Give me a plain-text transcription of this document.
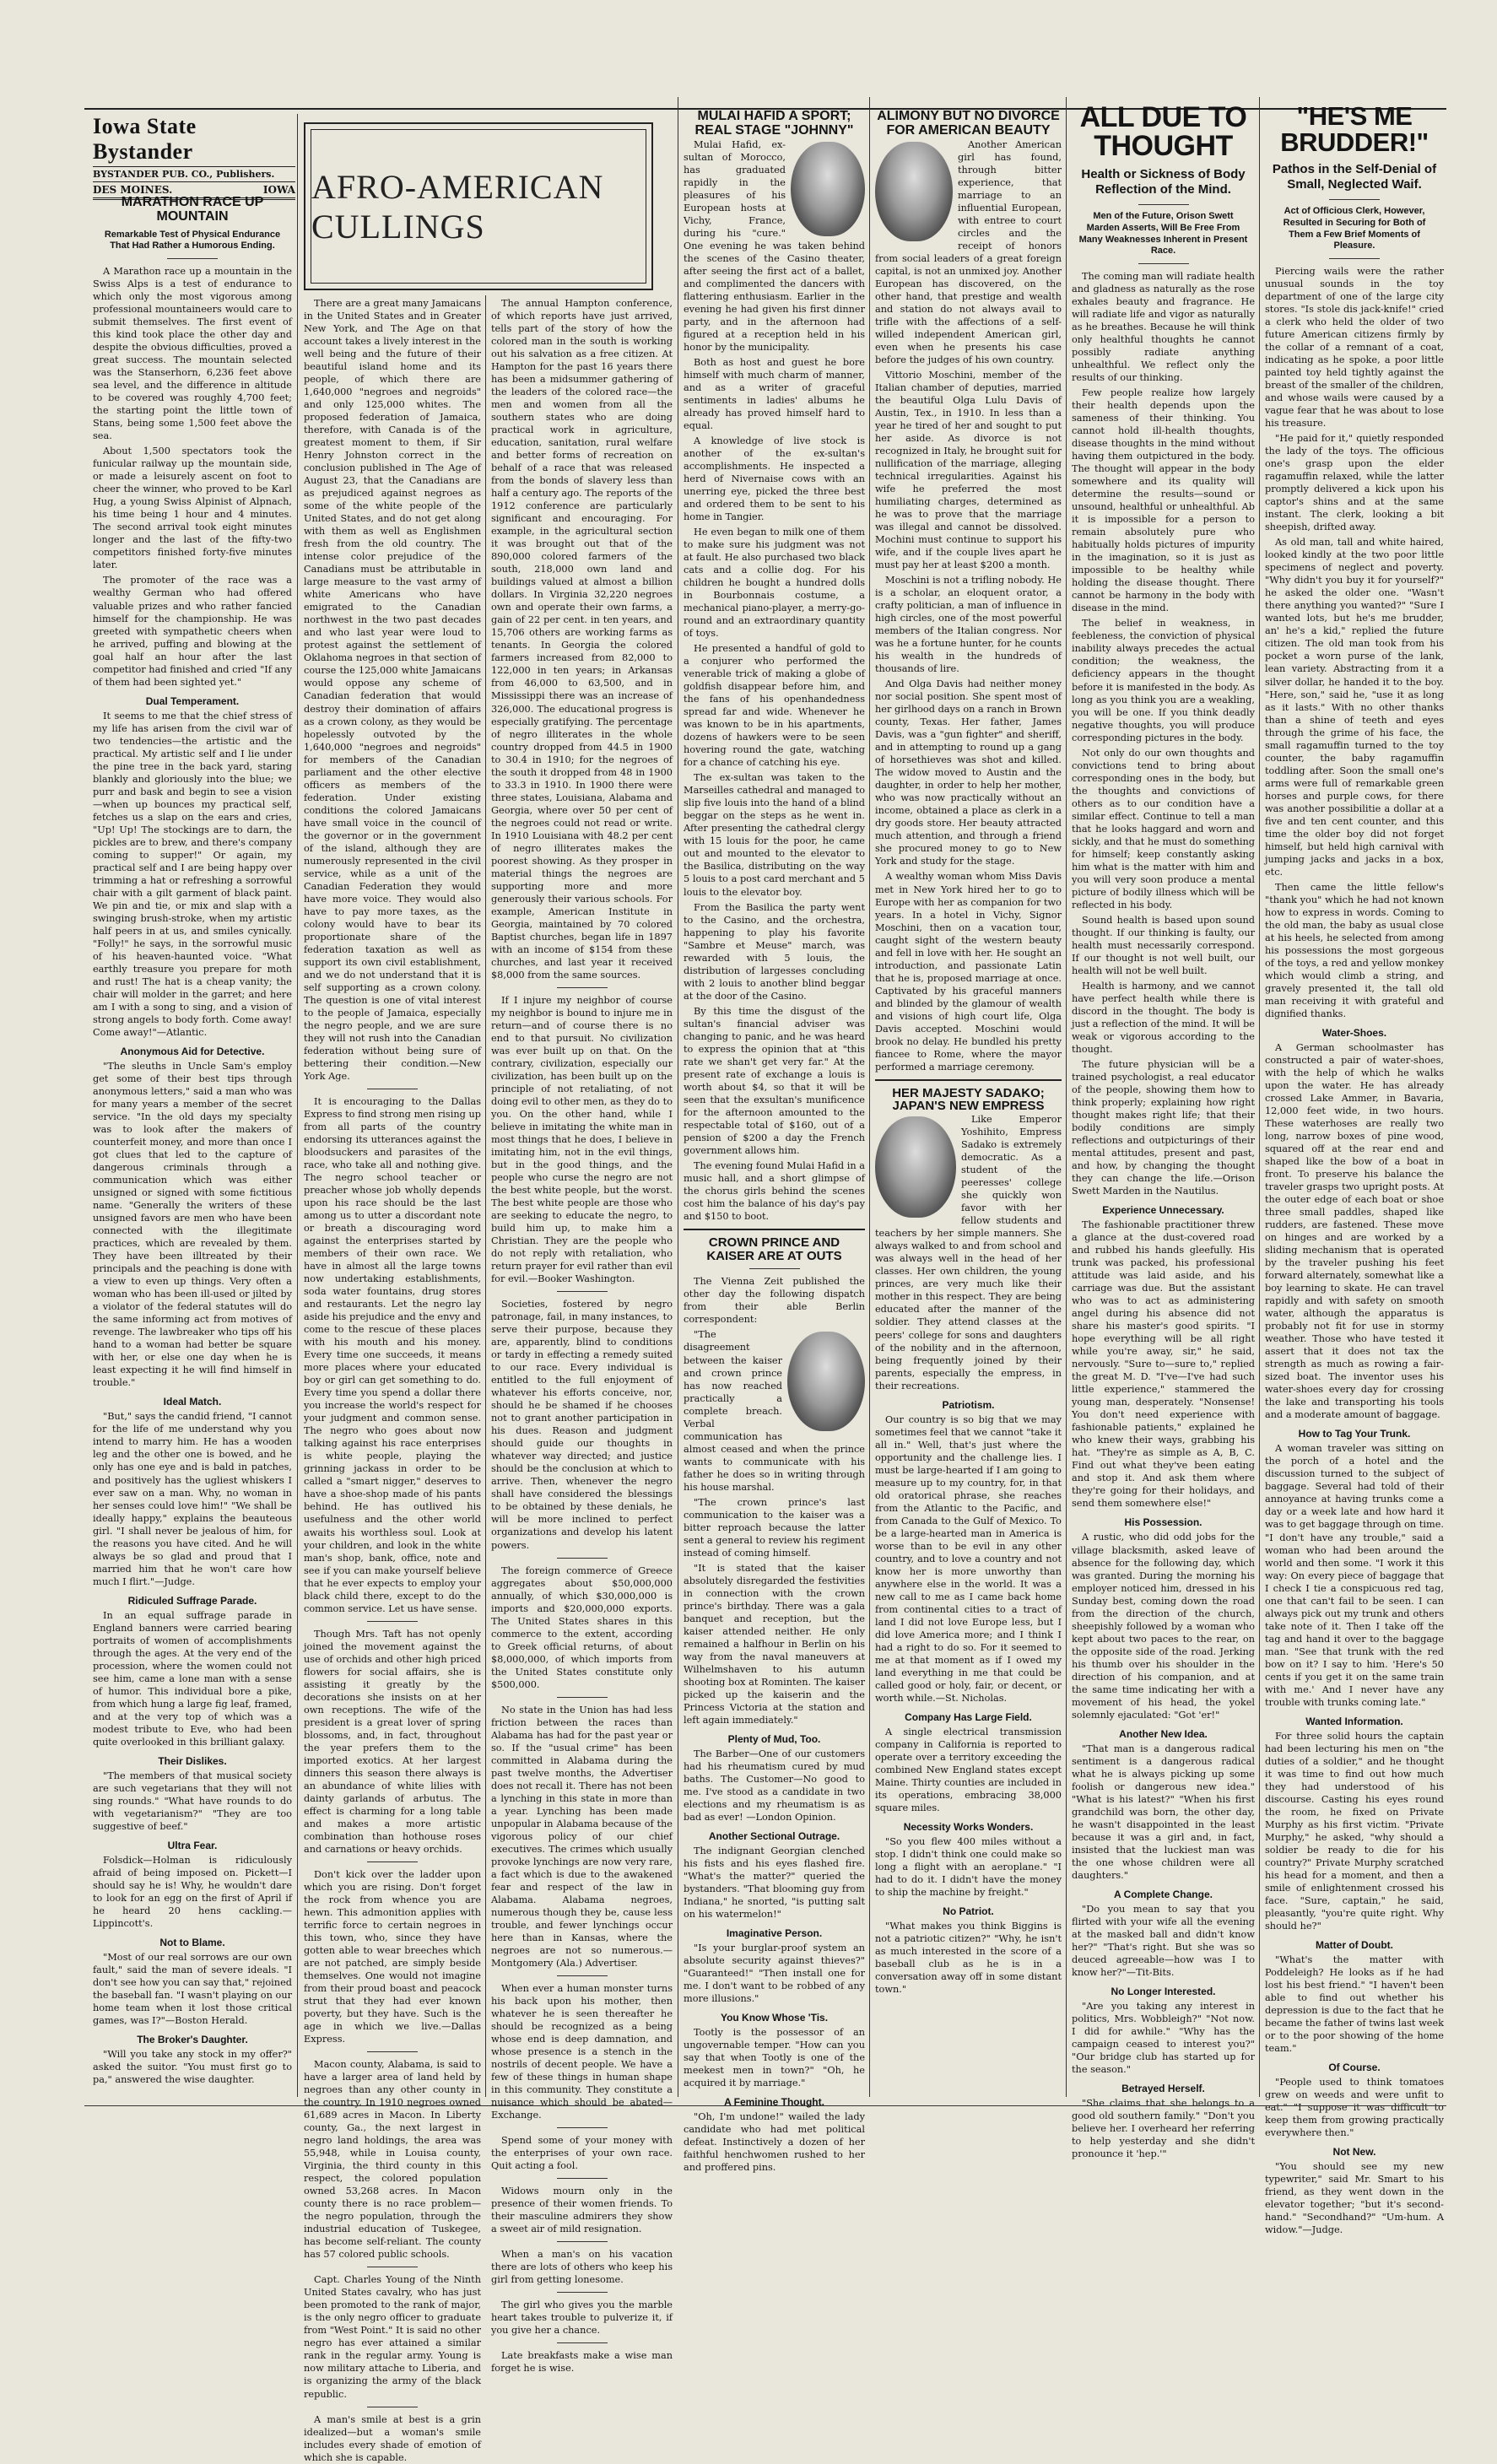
Iowa State Bystander
BYSTANDER PUB. CO., Publishers.
DES MOINES.	IOWA
MARATHON RACE UP MOUNTAIN
Remarkable Test of Physical Endurance That Had Rather a Humorous Ending.

A Marathon race up a mountain in the Swiss Alps is a test of endurance to which only the most vigorous among professional mountaineers would care to submit themselves. The first event of this kind took place the other day and despite the obvious difficulties, proved a great success. The mountain selected was the Stanserhorn, 6,236 feet above sea level, and the difference in altitude to be covered was roughly 4,700 feet; the starting point the little town of Stans, being some 1,500 feet above the sea.

About 1,500 spectators took the funicular railway up the mountain side, or made a leisurely ascent on foot to cheer the winner, who proved to be Karl Hug, a young Swiss Alpinist of Alpnach, his time being 1 hour and 4 minutes. The second arrival took eight minutes longer and the last of the fifty-two competitors finished forty-five minutes later.

The promoter of the race was a wealthy German who had offered valuable prizes and who rather fancied himself for the championship. He was greeted with sympathetic cheers when he arrived, puffing and blowing at the goal half an hour after the last competitor had finished and cried "If any of them had been sighted yet."

Dual Temperament.

It seems to me that the chief stress of my life has arisen from the civil war of two tendencies—the artistic and the practical. My artistic self and I lie under the pine tree in the back yard, staring blankly and gloriously into the blue; we purr and bask and begin to see a vision—when up bounces my practical self, fetches us a slap on the ears and cries, "Up! Up! The stockings are to darn, the pickles are to brew, and there's company coming to supper!" Or again, my practical self and I are being happy over trimming a hat or refreshing a sorrowful chair with a gilt garment of black paint. We pin and tie, or mix and slap with a swinging brush-stroke, when my artistic half peers in at us, and smiles cynically. "Folly!" he says, in the sorrowful music of his heaven-haunted voice. "What earthly treasure you prepare for moth and rust! The hat is a cheap vanity; the chair will molder in the garret; and here am I with a song to sing, and a vision of strong angels to body forth. Come away! Come away!"—Atlantic.

Anonymous Aid for Detective.

"The sleuths in Uncle Sam's employ get some of their best tips through anonymous letters," said a man who was for many years a member of the secret service. "In the old days my specialty was to look after the makers of counterfeit money, and more than once I got clues that led to the capture of dangerous criminals through a communication which was either unsigned or signed with some fictitious name. "Generally the writers of these unsigned favors are men who have been connected with the illegitimate practices, which are revealed by them. They have been illtreated by their principals and the peaching is done with a view to even up things. Very often a woman who has been ill-used or jilted by a violator of the federal statutes will do the same informing act from motives of revenge. The lawbreaker who tips off his hand to a woman had better be square with her, or else one day when he is least expecting it he will find himself in trouble."

Ideal Match.

"But," says the candid friend, "I cannot for the life of me understand why you intend to marry him. He has a wooden leg and the other one is bowed, and he only has one eye and is bald in patches, and positively has the ugliest whiskers I ever saw on a man. Why, no woman in her senses could love him!" "We shall be ideally happy," explains the beauteous girl. "I shall never be jealous of him, for the reasons you have cited. And he will always be so glad and proud that I married him that he won't care how much I flirt."—Judge.

Ridiculed Suffrage Parade.

In an equal suffrage parade in England banners were carried bearing portraits of women of accomplishments through the ages. At the very end of the procession, where the women could not see him, came a lone man with a sense of humor. This individual bore a pike, from which hung a large fig leaf, framed, and at the very top of which was a modest tribute to Eve, who had been quite overlooked in this brilliant galaxy.

Their Dislikes.

"The members of that musical society are such vegetarians that they will not sing rounds." "What have rounds to do with vegetarianism?" "They are too suggestive of beef."

Ultra Fear.

Folsdick—Holman is ridiculously afraid of being imposed on. Pickett—I should say he is! Why, he wouldn't dare to look for an egg on the first of April if he heard 20 hens cackling.—Lippincott's.

Not to Blame.

"Most of our real sorrows are our own fault," said the man of severe ideals. "I don't see how you can say that," rejoined the baseball fan. "I wasn't playing on our home team when it lost those critical games, was I?"—Boston Herald.

The Broker's Daughter.

"Will you take any stock in my offer?" asked the suitor. "You must first go to pa," answered the wise daughter.

AFRO-AMERICAN CULLINGS

There are a great many Jamaicans in the United States and in Greater New York, and The Age on that account takes a lively interest in the well being and the future of their beautiful island home and its people, of which there are 1,640,000 "negroes and negroids" and only 125,000 whites. The proposed federation of Jamaica, therefore, with Canada is of the greatest moment to them, if Sir Henry Johnston correct in the conclusion published in The Age of August 23, that the Canadians are as prejudiced against negroes as some of the white people of the United States, and do not get along with them as well as Englishmen fresh from the old country. The intense color prejudice of the Canadians must be attributable in large measure to the vast army of white Americans who have emigrated to the Canadian northwest in the two past decades and who last year were loud to protest against the settlement of Oklahoma negroes in that section of course the 125,000 white Jamaicans would oppose any scheme of Canadian federation that would destroy their domination of affairs as a crown colony, as they would be hopelessly outvoted by the 1,640,000 "negroes and negroids" for members of the Canadian parliament and the other elective officers as members of the federation. Under existing conditions the colored Jamaicans have small voice in the council of the governor or in the government of the island, although they are numerously represented in the civil service, while as a unit of the Canadian Federation they would have more voice. They would also have to pay more taxes, as the colony would have to bear its proportionate share of the federation taxation as well as support its own civil establishment, and we do not understand that it is self supporting as a crown colony. The question is one of vital interest to the people of Jamaica, especially the negro people, and we are sure they will not rush into the Canadian federation without being sure of bettering their condition.—New York Age.

It is encouraging to the Dallas Express to find strong men rising up from all parts of the country endorsing its utterances against the bloodsuckers and parasites of the race, who take all and nothing give. The negro school teacher or preacher whose job wholly depends upon his race should be the last among us to utter a discordant note or breath a discouraging word against the enterprises started by members of their own race. We have in almost all the large towns now undertaking establishments, soda water fountains, drug stores and restaurants. Let the negro lay aside his prejudice and the envy and come to the rescue of these places with his mouth and his money. Every time one succeeds, it means more places where your educated boy or girl can get something to do. Every time you spend a dollar there you increase the world's respect for your judgment and common sense. The negro who goes about now talking against his race enterprises is white people, playing the grinning jackass in order to be called a "smart nigger," deserves to have a shoe-shop made of his pants behind. He has outlived his usefulness and the other world awaits his worthless soul. Look at your children, and look in the white man's shop, bank, office, note and see if you can make yourself believe that he ever expects to employ your black child there, except to do the common service. Let us have sense.

Though Mrs. Taft has not openly joined the movement against the use of orchids and other high priced flowers for social affairs, she is assisting it greatly by the decorations she insists on at her own receptions. The wife of the president is a great lover of spring blossoms, and, in fact, throughout the year prefers them to the imported exotics. At her largest dinners this season there always is an abundance of white lilies with dainty garlands of arbutus. The effect is charming for a long table and makes a more artistic combination than hothouse roses and carnations or heavy orchids.

Don't kick over the ladder upon which you are rising. Don't forget the rock from whence you are hewn. This admonition applies with terrific force to certain negroes in this town, who, since they have gotten able to wear breeches which are not patched, are simply beside themselves. One would not imagine from their proud boast and peacock strut that they had ever known poverty, but they have. Such is the age in which we live.—Dallas Express.

Macon county, Alabama, is said to have a larger area of land held by negroes than any other county in the country. In 1910 negroes owned 61,689 acres in Macon. In Liberty county, Ga., the next largest in negro land holdings, the area was 55,948, while in Louisa county, Virginia, the third county in this respect, the colored population owned 53,268 acres. In Macon county there is no race problem—the negro population, through the industrial education of Tuskegee, has become self-reliant. The county has 57 colored public schools.

Capt. Charles Young of the Ninth United States cavalry, who has just been promoted to the rank of major, is the only negro officer to graduate from "West Point." It is said no other negro has ever attained a similar rank in the regular army. Young is now military attache to Liberia, and is organizing the army of the black republic.

A man's smile at best is a grin idealized—but a woman's smile includes every shade of emotion of which she is capable.

The annual Hampton conference, of which reports have just arrived, tells part of the story of how the colored man in the south is working out his salvation as a free citizen. At Hampton for the past 16 years there has been a midsummer gathering of the leaders of the colored race—the men and women from all the southern states who are doing practical work in agriculture, education, sanitation, rural welfare and better forms of recreation on behalf of a race that was released from the bonds of slavery less than half a century ago. The reports of the 1912 conference are particularly significant and encouraging. For example, in the agricultural section it was brought out that of the 890,000 colored farmers of the south, 218,000 own land and buildings valued at almost a billion dollars. In Virginia 32,220 negroes own and operate their own farms, a gain of 22 per cent. in ten years, and 15,706 others are working farms as tenants. In Georgia the colored farmers increased from 82,000 to 122,000 in ten years; in Arkansas from 46,000 to 63,500, and in Mississippi there was an increase of 326,000. The educational progress is especially gratifying. The percentage of negro illiterates in the whole country dropped from 44.5 in 1900 to 30.4 in 1910; for the negroes of the south it dropped from 48 in 1900 to 33.3 in 1910. In 1900 there were three states, Louisiana, Alabama and Georgia, where over 50 per cent of the negroes could not read or write. In 1910 Louisiana with 48.2 per cent of negro illiterates makes the poorest showing. As they prosper in material things the negroes are supporting more and more generously their various schools. For example, American Institute in Georgia, maintained by 70 colored Baptist churches, began life in 1897 with an income of $154 from these churches, and last year it received $8,000 from the same sources.

If I injure my neighbor of course my neighbor is bound to injure me in return—and of course there is no end to that pursuit. No civilization was ever built up on that. On the contrary, civilization, especially our civilization, has been built up on the principle of not retaliating, of not doing evil to other men, as they do to you. On the other hand, while I believe in imitating the white man in most things that he does, I believe in imitating him, not in the evil things, but in the good things, and the people who curse the negro are not the best white people, but the worst. The best white people are those who are seeking to educate the negro, to build him up, to make him a Christian. They are the people who do not reply with retaliation, who return prayer for evil rather than evil for evil.—Booker Washington.

Societies, fostered by negro patronage, fail, in many instances, to serve their purpose, because they are, apparently, blind to conditions or tardy in effecting a remedy suited to our race. Every individual is entitled to the full enjoyment of whatever his efforts conceive, nor, should he be shamed if he chooses not to grant another participation in his dues. Reason and judgment should guide our thoughts in whatever way directed; and justice should be the conclusion at which to arrive. Then, whenever the negro shall have considered the blessings to be obtained by these denials, he will be more inclined to perfect organizations and develop his latent powers.

The foreign commerce of Greece aggregates about $50,000,000 annually, of which $30,000,000 is imports and $20,000,000 exports. The United States shares in this commerce to the extent, according to Greek official returns, of about $8,000,000, of which imports from the United States constitute only $500,000.

No state in the Union has had less friction between the races than Alabama has had for the past year or so. If the "usual crime" has been committed in Alabama during the past twelve months, the Advertiser does not recall it. There has not been a lynching in this state in more than a year. Lynching has been made unpopular in Alabama because of the vigorous policy of our chief executives. The crimes which usually provoke lynchings are now very rare, a fact which is due to the awakened fear and respect of the law in Alabama. Alabama negroes, numerous though they be, cause less trouble, and fewer lynchings occur here than in Kansas, where the negroes are not so numerous.—Montgomery (Ala.) Advertiser.

When ever a human monster turns his back upon his mother, then whatever he is seen thereafter he should be recognized as a being whose end is deep damnation, and whose presence is a stench in the nostrils of decent people. We have a few of these things in human shape in this community. They constitute a nuisance which should be abated—Exchange.

Spend some of your money with the enterprises of your own race. Quit acting a fool.

Widows mourn only in the presence of their women friends. To their masculine admirers they show a sweet air of mild resignation.

When a man's on his vacation there are lots of others who keep his girl from getting lonesome.

The girl who gives you the marble heart takes trouble to pulverize it, if you give her a chance.

Late breakfasts make a wise man forget he is wise.

MULAI HAFID A SPORT;
REAL STAGE "JOHNNY"

Mulai Hafid, ex-sultan of Morocco, has graduated rapidly in the pleasures of his European hosts at Vichy, France, during his "cure." One evening he was taken behind the scenes of the Casino theater, after seeing the first act of a ballet, and complimented the dancers with flattering enthusiasm. Earlier in the evening he had given his first dinner party, and in the afternoon had figured at a reception held in his honor by the municipality.

Both as host and guest he bore himself with much charm of manner, and as a writer of graceful sentiments in ladies' albums he already has proved himself hard to equal.

A knowledge of live stock is another of the ex-sultan's accomplishments. He inspected a herd of Nivernaise cows with an unerring eye, picked the three best and ordered them to be sent to his home in Tangier.

He even began to milk one of them to make sure his judgment was not at fault. He also purchased two black cats and a collie dog. For his children he bought a hundred dolls in Bourbonnais costume, a mechanical piano-player, a merry-go-round and an extraordinary quantity of toys.

He presented a handful of gold to a conjurer who performed the venerable trick of making a globe of goldfish disappear before him, and the fans of his openhandedness spread far and wide. Whenever he was known to be in his apartments, dozens of hawkers were to be seen hovering round the gate, watching for a chance of catching his eye.

The ex-sultan was taken to the Marseilles cathedral and managed to slip five louis into the hand of a blind beggar on the steps as he went in. After presenting the cathedral clergy with 15 louis for the poor, he came out and mounted to the elevator to the Basilica, distributing on the way 5 louis to a post card merchant and 5 louis to the elevator boy.

From the Basilica the party went to the Casino, and the orchestra, happening to play his favorite "Sambre et Meuse" march, was rewarded with 5 louis, the distribution of largesses concluding with 2 louis to another blind beggar at the door of the Casino.

By this time the disgust of the sultan's financial adviser was changing to panic, and he was heard to express the opinion that at "this rate we shan't get very far." At the present rate of exchange a louis is worth about $4, so that it will be seen that the exsultan's munificence for the afternoon amounted to the respectable total of $160, out of a pension of $200 a day the French government allows him.

The evening found Mulai Hafid in a music hall, and a short glimpse of the chorus girls behind the scenes cost him the balance of his day's pay and $150 to boot.

CROWN PRINCE AND KAISER ARE AT OUTS

The Vienna Zeit published the other day the following dispatch from their able Berlin correspondent:

"The disagreement between the kaiser and crown prince has now reached practically a complete breach. Verbal communication has almost ceased and when the prince wants to communicate with his father he does so in writing through his house marshal.

"The crown prince's last communication to the kaiser was a bitter reproach because the latter sent a general to review his regiment instead of coming himself.

"It is stated that the kaiser absolutely disregarded the festivities in connection with the crown prince's birthday. There was a gala banquet and reception, but the kaiser attended neither. He only remained a halfhour in Berlin on his way from the naval maneuvers at Wilhelmshaven to his autumn shooting box at Rominten. The kaiser picked up the kaiserin and the Princess Victoria at the station and left again immediately."

Plenty of Mud, Too.

The Barber—One of our customers had his rheumatism cured by mud baths. The Customer—No good to me. I've stood as a candidate in two elections and my rheumatism is as bad as ever! —London Opinion.

Another Sectional Outrage.

The indignant Georgian clenched his fists and his eyes flashed fire. "What's the matter?" queried the bystanders. "That blooming guy from Indiana," he snorted, "is putting salt on his watermelon!"

Imaginative Person.

"Is your burglar-proof system an absolute security against thieves?" "Guaranteed!" "Then install one for me. I don't want to be robbed of any more illusions."

You Know Whose 'Tis.

Tootly is the possessor of an ungovernable temper. "How can you say that when Tootly is one of the meekest men in town?" "Oh, he acquired it by marriage."

A Feminine Thought.

"Oh, I'm undone!" wailed the lady candidate who had met political defeat. Instinctively a dozen of her faithful henchwomen rushed to her and proffered pins.

ALIMONY BUT NO DIVORCE
FOR AMERICAN BEAUTY

Another American girl has found, through bitter experience, that marriage to an influential European, with entree to court circles and the receipt of honors from social leaders of a great foreign capital, is not an unmixed joy. Another European has discovered, on the other hand, that prestige and wealth and station do not always avail to trifle with the affections of a self-willed independent American girl, even when he presents his case before the judges of his own country.

Vittorio Moschini, member of the Italian chamber of deputies, married the beautiful Olga Lulu Davis of Austin, Tex., in 1910. In less than a year he tired of her and sought to put her aside. As divorce is not recognized in Italy, he brought suit for nullification of the marriage, alleging technical irregularities. Against his wife he preferred the most humiliating charges, determined as he was to prove that the marriage was illegal and cannot be dissolved. Mochini must continue to support his wife, and if the couple lives apart he must pay her at least $200 a month.

Moschini is not a trifling nobody. He is a scholar, an eloquent orator, a crafty politician, a man of influence in high circles, one of the most powerful members of the Italian congress. Nor was he a fortune hunter, for he counts his wealth in the hundreds of thousands of lire.

And Olga Davis had neither money nor social position. She spent most of her girlhood days on a ranch in Brown county, Texas. Her father, James Davis, was a "gun fighter" and sheriff, and in attempting to round up a gang of horsethieves was shot and killed. The widow moved to Austin and the daughter, in order to help her mother, who was now practically without an income, obtained a place as clerk in a dry goods store. Her beauty attracted much attention, and through a friend she procured money to go to New York and study for the stage.

A wealthy woman whom Miss Davis met in New York hired her to go to Europe with her as companion for two years. In a hotel in Vichy, Signor Moschini, then on a vacation tour, caught sight of the western beauty and fell in love with her. He sought an introduction, and passionate Latin that he is, proposed marriage at once. Captivated by his graceful manners and blinded by the glamour of wealth and visions of high court life, Olga Davis accepted. Moschini would brook no delay. He bundled his pretty fiancee to Rome, where the mayor performed a marriage ceremony.

HER MAJESTY SADAKO;
JAPAN'S NEW EMPRESS

Like Emperor Yoshihito, Empress Sadako is extremely democratic. As a student of the peeresses' college she quickly won favor with her fellow students and teachers by her simple manners. She always walked to and from school and was always well in the head of her classes. Her own children, the young princes, are very much like their mother in this respect. They are being educated after the manner of the soldier. They attend classes at the peers' college for sons and daughters of the nobility and in the afternoon, being frequently joined by their parents, especially the empress, in their recreations.

Patriotism.

Our country is so big that we may sometimes feel that we cannot "take it all in." Well, that's just where the opportunity and the challenge lies. I must be large-hearted if I am going to measure up to my country, for, in that old oratorical phrase, she reaches from the Atlantic to the Pacific, and from Canada to the Gulf of Mexico. To be a large-hearted man in America is worse than to be evil in any other country, and to love a country and not know her is more unworthy than anywhere else in the world. It was a new call to me as I came back home from continental cities to a tract of land I did not love Europe less, but I did love America more; and I think I had a right to do so. For it seemed to me at that moment as if I owed my land everything in me that could be called good or holy, fair, or decent, or worth while.—St. Nicholas.

Company Has Large Field.

A single electrical transmission company in California is reported to operate over a territory exceeding the combined New England states except Maine. Thirty counties are included in its operations, embracing 38,000 square miles.

Necessity Works Wonders.

"So you flew 400 miles without a stop. I didn't think one could make so long a flight with an aeroplane." "I had to do it. I didn't have the money to ship the machine by freight."

No Patriot.

"What makes you think Biggins is not a patriotic citizen?" "Why, he isn't as much interested in the score of a baseball club as he is in a conversation away off in some distant town."

ALL DUE TO THOUGHT
Health or Sickness of Body Reflection of the Mind.
Men of the Future, Orison Swett Marden Asserts, Will Be Free From Many Weaknesses Inherent in Present Race.

The coming man will radiate health and gladness as naturally as the rose exhales beauty and fragrance. He will radiate life and vigor as naturally as he breathes. Because he will think only healthful thoughts he cannot possibly radiate anything unhealthful. We reflect only the results of our thinking.

Few people realize how largely their health depends upon the sameness of their thinking. You cannot hold ill-health thoughts, disease thoughts in the mind without having them outpictured in the body. The thought will appear in the body somewhere and its quality will determine the results—sound or unsound, healthful or unhealthful. Ab it is impossible for a person to remain absolutely pure who habitually holds pictures of impurity in the imagination, so it is just as impossible to be healthy while holding the disease thought. There cannot be harmony in the body with disease in the mind.

The belief in weakness, in feebleness, the conviction of physical inability always precedes the actual condition; the weakness, the deficiency appears in the thought before it is manifested in the body. As long as you think you are a weakling, you will be one. If you think deadly negative thoughts, you will produce corresponding pictures in the body.

Not only do our own thoughts and convictions tend to bring about corresponding ones in the body, but the thoughts and convictions of others as to our condition have a similar effect. Continue to tell a man that he looks haggard and worn and sickly, and that he must do something for himself; keep constantly asking him what is the matter with him and you will very soon produce a mental picture of bodily illness which will be reflected in his body.

Sound health is based upon sound thought. If our thinking is faulty, our health must necessarily correspond. If our thought is not well built, our health will not be well built.

Health is harmony, and we cannot have perfect health while there is discord in the thought. The body is just a reflection of the mind. It will be weak or vigorous according to the thought.

The future physician will be a trained psychologist, a real educator of the people, showing them how to think properly; explaining how right thought makes right life; that their bodily conditions are simply reflections and outpicturings of their mental attitudes, present and past, and how, by changing the thought they can change the life.—Orison Swett Marden in the Nautilus.

Experience Unnecessary.

The fashionable practitioner threw a glance at the dust-covered road and rubbed his hands gleefully. His trunk was packed, his professional attitude was laid aside, and his carriage was due. But the assistant who was to act as administering angel during his absence did not share his master's good spirits. "I hope everything will be all right while you're away, sir," he said, nervously. "Sure to—sure to," replied the great M. D. "I've—I've had such little experience," stammered the young man, desperately. "Nonsense! You don't need experience with fashionable patients," explained he who knew their ways, grabbing his hat. "They're as simple as A, B, C. Find out what they've been eating and stop it. And ask them where they're going for their holidays, and send them somewhere else!"

His Possession.

A rustic, who did odd jobs for the village blacksmith, asked leave of absence for the following day, which was granted. During the morning his employer noticed him, dressed in his Sunday best, coming down the road from the direction of the church, sheepishly followed by a woman who kept about two paces to the rear, on the opposite side of the road. Jerking his thumb over his shoulder in the direction of his companion, and at the same time indicating her with a movement of his head, the yokel solemnly ejaculated: "Got 'er!"

Another New Idea.

"That man is a dangerous radical sentiment is a dangerous radical what he is always picking up some foolish or dangerous new idea." "What is his latest?" "When his first grandchild was born, the other day, he wasn't disappointed in the least because it was a girl and, in fact, insisted that the luckiest man was the one whose children were all daughters."

A Complete Change.

"Do you mean to say that you flirted with your wife all the evening at the masked ball and didn't know her?" "That's right. But she was so deuced agreeable—how was I to know her?"—Tit-Bits.

No Longer Interested.

"Are you taking any interest in politics, Mrs. Wobbleigh?" "Not now. I did for awhile." "Why has the campaign ceased to interest you?" "Our bridge club has started up for the season."

Betrayed Herself.

"She claims that she belongs to a good old southern family." "Don't you believe her. I overheard her referring to help yesterday and she didn't pronounce it 'hep.'"

"HE'S ME BRUDDER!"
Pathos in the Self-Denial of Small, Neglected Waif.
Act of Officious Clerk, However, Resulted in Securing for Both of Them a Few Brief Moments of Pleasure.

Piercing wails were the rather unusual sounds in the toy department of one of the large city stores. "Is stole dis jack-knife!" cried a clerk who held the older of two future American citizens firmly by the collar of a remnant of a coat, indicating as he spoke, a poor little painted toy held tightly against the breast of the smaller of the children, and whose wails were caused by a vague fear that he was about to lose his treasure.

"He paid for it," quietly responded the lady of the toys. The officious one's grasp upon the elder ragamuffin relaxed, while the latter promptly delivered a kick upon his captor's shins and at the same instant. The clerk, looking a bit sheepish, drifted away.

As old man, tall and white haired, looked kindly at the two poor little specimens of neglect and poverty. "Why didn't you buy it for yourself?" he asked the older one. "Wasn't there anything you wanted?" "Sure I wanted lots, but he's me brudder, an' he's a kid," replied the future citizen. The old man took from his pocket a worn purse of the lank, lean variety. Abstracting from it a silver dollar, he handed it to the boy. "Here, son," said he, "use it as long as it lasts." With no other thanks than a shine of teeth and eyes through the grime of his face, the small ragamuffin turned to the toy counter, the baby ragamuffin toddling after. Soon the small one's arms were full of remarkable green horses and purple cows, for there was another possibilitie a dollar at a five and ten cent counter, and this time the older boy did not forget himself, but held high carnival with jumping jacks and jacks in a box, etc.

Then came the little fellow's "thank you" which he had not known how to express in words. Coming to the old man, the baby as usual close at his heels, he selected from among his possessions the most gorgeous of the toys, a red and yellow monkey which would climb a string, and gravely presented it, the tall old man receiving it with grateful and dignified thanks.

Water-Shoes.

A German schoolmaster has constructed a pair of water-shoes, with the help of which he walks upon the water. He has already crossed Lake Ammer, in Bavaria, 12,000 feet wide, in two hours. These waterhoses are really two long, narrow boxes of pine wood, squared off at the rear end and shaped like the bow of a boat in front. To preserve his balance the traveler grasps two upright posts. At the outer edge of each boat or shoe three small paddles, shaped like rudders, are fastened. These move on hinges and are worked by a sliding mechanism that is operated by the traveler pushing his feet forward alternately, somewhat like a boy learning to skate. He can travel rapidly and with safety on smooth water, although the apparatus is probably not fit for use in stormy weather. Those who have tested it assert that it does not tax the strength as much as rowing a fair-sized boat. The inventor uses his water-shoes every day for crossing the lake and transporting his tools and a moderate amount of baggage.

How to Tag Your Trunk.

A woman traveler was sitting on the porch of a hotel and the discussion turned to the subject of baggage. Several had told of their annoyance at having trunks come a day or a week late and how hard it was to get baggage through on time. "I don't have any trouble," said a woman who had been around the world and then some. "I work it this way: On every piece of baggage that I check I tie a conspicuous red tag, one that can't fail to be seen. I can always pick out my trunk and others take note of it. Then I take off the tag and hand it over to the baggage man. "See that trunk with the red bow on it? I say to him. 'Here's 50 cents if you get it on the same train with me.' And I never have any trouble with trunks coming late."

Wanted Information.

For three solid hours the captain had been lecturing his men on "the duties of a soldier," and he thought it was time to find out how much they had understood of his discourse. Casting his eyes round the room, he fixed on Private Murphy as his first victim. "Private Murphy," he asked, "why should a soldier be ready to die for his country?" Private Murphy scratched his head for a moment, and then a smile of enlightenment crossed his face. "Sure, captain," he said, pleasantly, "you're quite right. Why should he?"

Matter of Doubt.

"What's the matter with Poddeleigh? He looks as if he had lost his best friend." "I haven't been able to find out whether his depression is due to the fact that he became the father of twins last week or to the poor showing of the home team."

Of Course.

"People used to think tomatoes grew on weeds and were unfit to eat." "I suppose it was difficult to keep them from growing practically everywhere then."

Not New.

"You should see my new typewriter," said Mr. Smart to his friend, as they went down in the elevator together; "but it's second-hand." "Secondhand?" "Um-hum. A widow."—Judge.
